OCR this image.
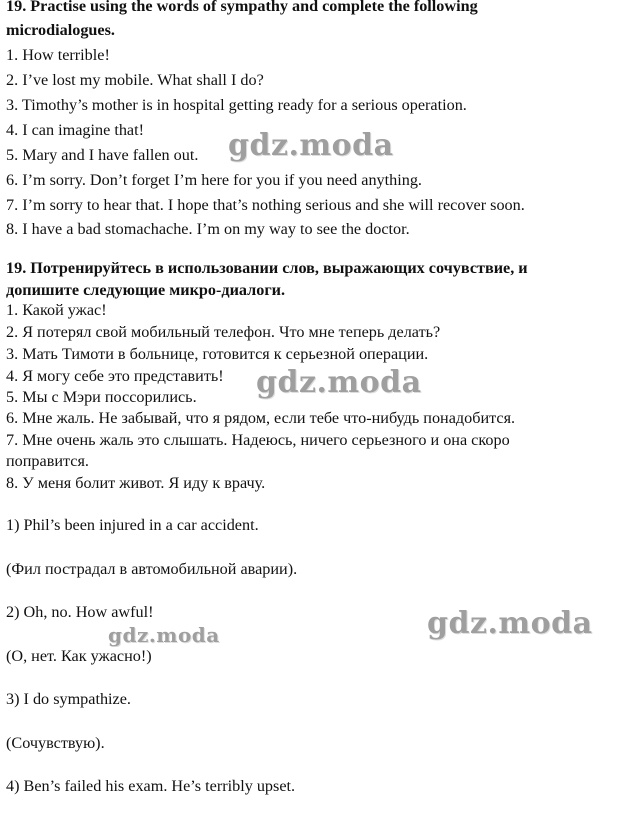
19. Practise using the words of sympathy and complete the following
microdialogues.
1. How terrible!
2. I’ve lost my mobile. What shall I do?
3. Timothy’s mother is in hospital getting ready for a serious operation.
4. I can imagine that!
5. Mary and I have fallen out.
6. I’m sorry. Don’t forget I’m here for you if you need anything.
7. I’m sorry to hear that. I hope that’s nothing serious and she will recover soon.
8. I have a bad stomachache. I’m on my way to see the doctor.
19. Потренируйтесь в использовании слов, выражающих сочувствие, и
допишите следующие микро-диалоги.
1. Какой ужас!
2. Я потерял свой мобильный телефон. Что мне теперь делать?
3. Мать Тимоти в больнице, готовится к серьезной операции.
4. Я могу себе это представить!
5. Мы с Мэри поссорились.
6. Мне жаль. Не забывай, что я рядом, если тебе что-нибудь понадобится.
7. Мне очень жаль это слышать. Надеюсь, ничего серьезного и она скоро
поправится.
8. У меня болит живот. Я иду к врачу.
1) Phil’s been injured in a car accident.
(Фил пострадал в автомобильной аварии).
2) Oh, no. How awful!
(О, нет. Как ужасно!)
3) I do sympathize.
(Сочувствую).
4) Ben’s failed his exam. He’s terribly upset.
gdz.moda
gdz.moda
gdz.moda
gdz.moda
